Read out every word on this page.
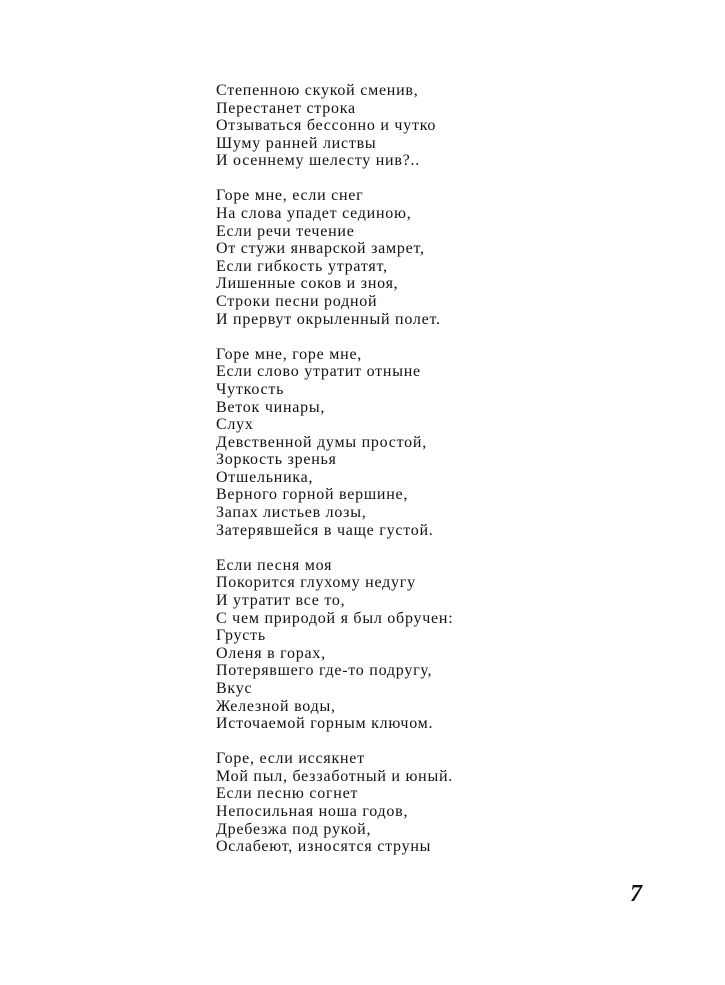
Степенною скукой сменив,
Перестанет строка
Отзываться бессонно и чутко
Шуму ранней листвы
И осеннему шелесту нив?..
Горе мне, если снег
На слова упадет сединою,
Если речи течение
От стужи январской замрет,
Если гибкость утратят,
Лишенные соков и зноя,
Строки песни родной
И прервут окрыленный полет.
Горе мне, горе мне,
Если слово утратит отныне
Чуткость
Веток чинары,
Слух
Девственной думы простой,
Зоркость зренья
Отшельника,
Верного горной вершине,
Запах листьев лозы,
Затерявшейся в чаще густой.
Если песня моя
Покорится глухому недугу
И утратит все то,
С чем природой я был обручен:
Грусть
Оленя в горах,
Потерявшего где-то подругу,
Вкус
Железной воды,
Источаемой горным ключом.
Горе, если иссякнет
Мой пыл, беззаботный и юный.
Если песню согнет
Непосильная ноша годов,
Дребезжа под рукой,
Ослабеют, износятся струны
7
